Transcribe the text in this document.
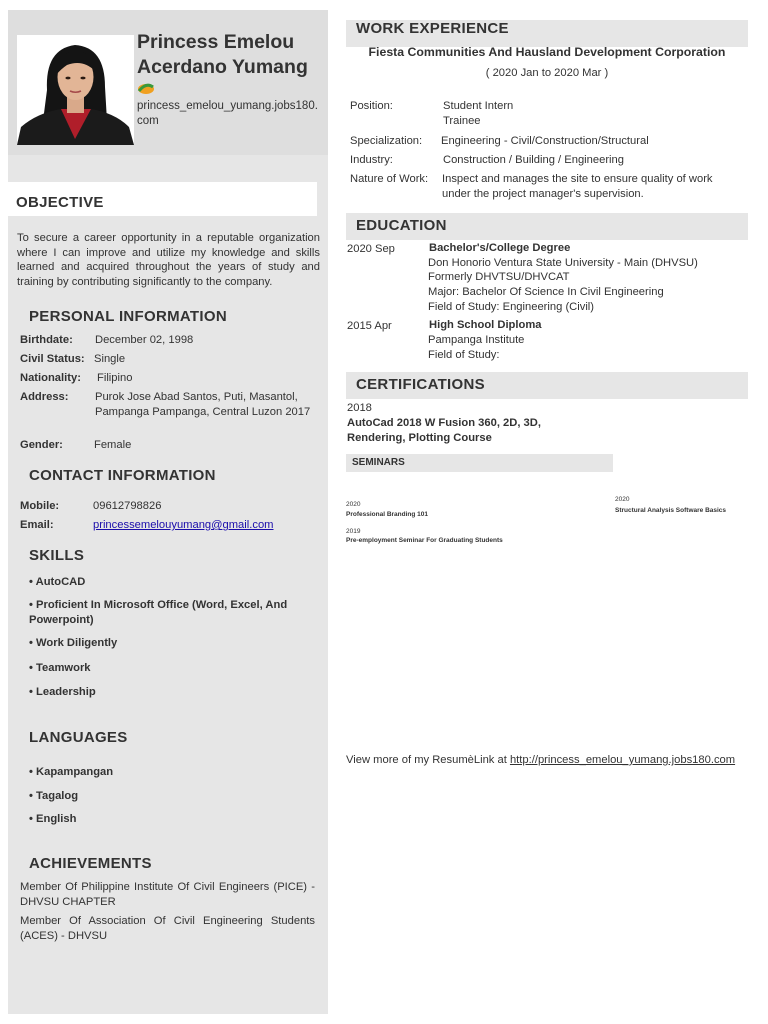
Princess Emelou
Acerdano Yumang
princess_emelou_yumang.jobs180.com
OBJECTIVE
To secure a career opportunity in a reputable organization where I can improve and utilize my knowledge and skills learned and acquired throughout the years of study and training by contributing significantly to the company.
PERSONAL INFORMATION
Birthdate: December 02, 1998
Civil Status: Single
Nationality: Filipino
Address: Purok Jose Abad Santos, Puti, Masantol, Pampanga Pampanga, Central Luzon 2017
Gender:	Female
CONTACT INFORMATION
Mobile:	09612798826
Email:	princessemelouyumang@gmail.com
SKILLS
• AutoCAD
• Proficient In Microsoft Office (Word, Excel, And Powerpoint)
• Work Diligently
• Teamwork
• Leadership
LANGUAGES
• Kapampangan
• Tagalog
• English
ACHIEVEMENTS
Member Of Philippine Institute Of Civil Engineers (PICE) - DHVSU CHAPTER
Member Of Association Of Civil Engineering Students (ACES) - DHVSU
WORK EXPERIENCE
Fiesta Communities And Hausland Development Corporation
( 2020 Jan to 2020 Mar )
Position:	Student Intern Trainee
Specialization: Engineering - Civil/Construction/Structural
Industry:	Construction / Building / Engineering
Nature of Work: Inspect and manages the site to ensure quality of work under the project manager's supervision.
EDUCATION
2020 Sep	Bachelor's/College Degree
Don Honorio Ventura State University - Main (DHVSU)
Formerly DHVTSU/DHVCAT
Major: Bachelor Of Science In Civil Engineering
Field of Study: Engineering (Civil)
2015 Apr	High School Diploma
Pampanga Institute
Field of Study:
CERTIFICATIONS
2018
AutoCad 2018 W Fusion 360, 2D, 3D, Rendering, Plotting Course
SEMINARS
2020
Professional Branding 101
2019
Pre-employment Seminar For Graduating Students
2020
Structural Analysis Software Basics
View more of my ResumèLink at http://princess_emelou_yumang.jobs180.com
